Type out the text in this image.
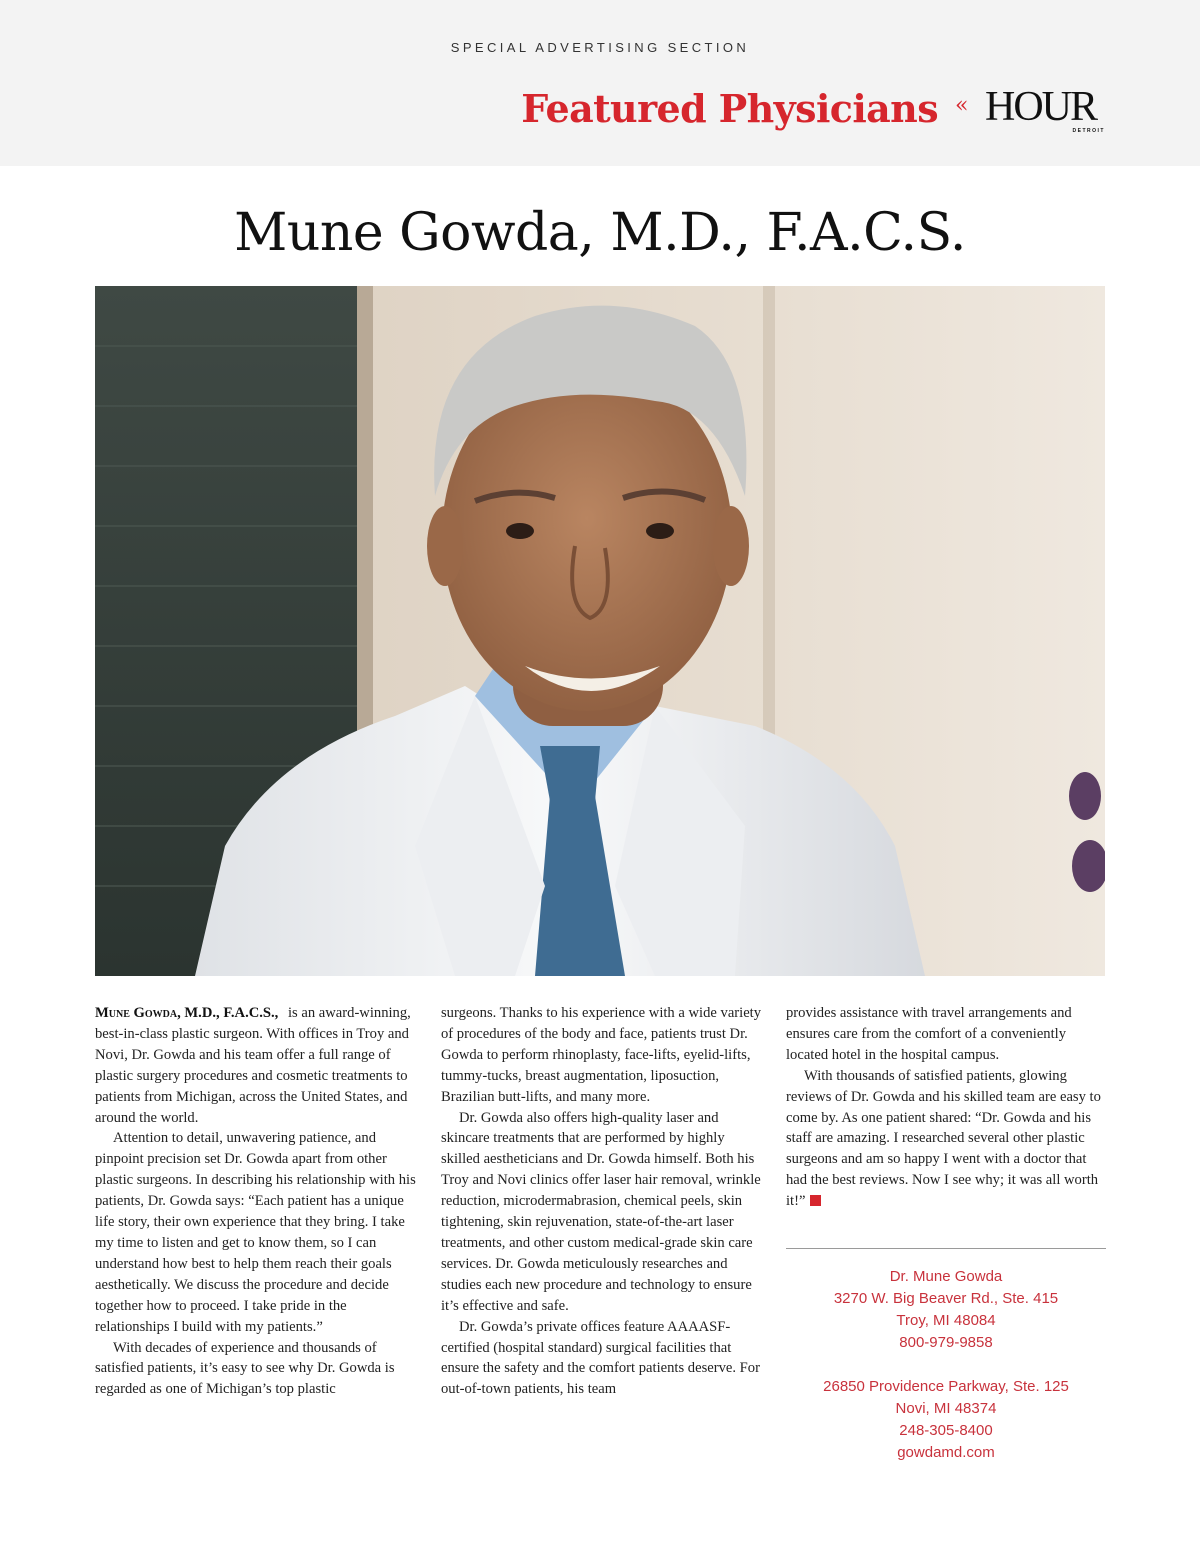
SPECIAL ADVERTISING SECTION
Featured Physicians « HOUR
DETROIT
Mune Gowda, M.D., F.A.C.S.

Mune Gowda, M.D., F.A.C.S., is an award-winning, best-in-class plastic surgeon. With offices in Troy and Novi, Dr. Gowda and his team offer a full range of plastic surgery procedures and cosmetic treatments to patients from Michigan, across the United States, and around the world.

Attention to detail, unwavering patience, and pinpoint precision set Dr. Gowda apart from other plastic surgeons. In describing his relationship with his patients, Dr. Gowda says: “Each patient has a unique life story, their own experience that they bring. I take my time to listen and get to know them, so I can understand how best to help them reach their goals aesthetically. We discuss the procedure and decide together how to proceed. I take pride in the relationships I build with my patients.”

With decades of experience and thousands of satisfied patients, it’s easy to see why Dr. Gowda is regarded as one of Michigan’s top plastic

surgeons. Thanks to his experience with a wide variety of procedures of the body and face, patients trust Dr. Gowda to perform rhinoplasty, face-lifts, eyelid-lifts, tummy-tucks, breast augmentation, liposuction, Brazilian butt-lifts, and many more.

Dr. Gowda also offers high-quality laser and skincare treatments that are performed by highly skilled aestheticians and Dr. Gowda himself. Both his Troy and Novi clinics offer laser hair removal, wrinkle reduction, microdermabrasion, chemical peels, skin tightening, skin rejuvenation, state-of-the-art laser treatments, and other custom medical-grade skin care services. Dr. Gowda meticulously researches and studies each new procedure and technology to ensure it’s effective and safe.

Dr. Gowda’s private offices feature AAAASF-certified (hospital standard) surgical facilities that ensure the safety and the comfort patients deserve. For out-of-town patients, his team

provides assistance with travel arrangements and ensures care from the comfort of a conveniently located hotel in the hospital campus.

With thousands of satisfied patients, glowing reviews of Dr. Gowda and his skilled team are easy to come by. As one patient shared: “Dr. Gowda and his staff are amazing. I researched several other plastic surgeons and am so happy I went with a doctor that had the best reviews. Now I see why; it was all worth it!”

Dr. Mune Gowda
3270 W. Big Beaver Rd., Ste. 415
Troy, MI 48084
800-979-9858
26850 Providence Parkway, Ste. 125
Novi, MI 48374
248-305-8400
gowdamd.com
